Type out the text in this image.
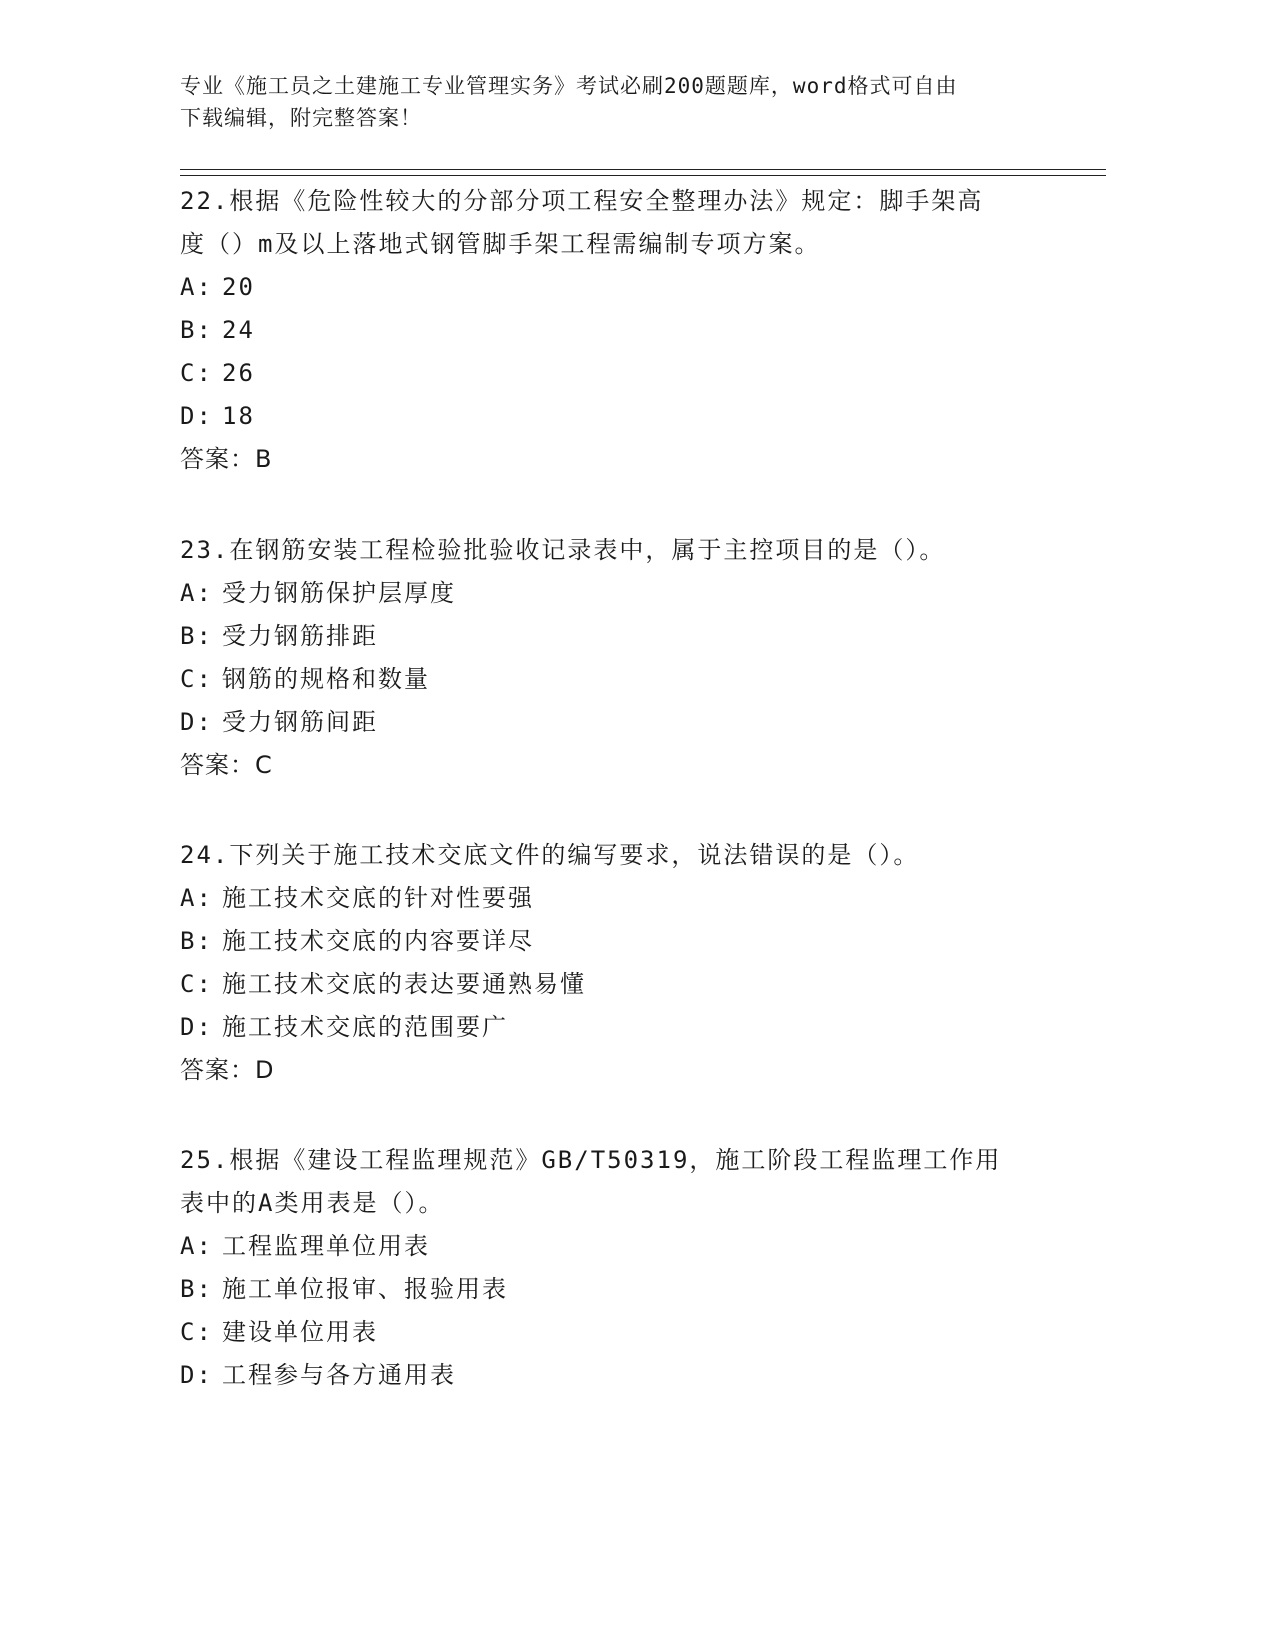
专业《施工员之土建施工专业管理实务》考试必刷200题题库，word格式可自由
下载编辑，附完整答案！

22.根据《危险性较大的分部分项工程安全整理办法》规定：脚手架高

度（）m及以上落地式钢管脚手架工程需编制专项方案。

A: 20

B: 24

C: 26

D: 18

答案：B

23.在钢筋安装工程检验批验收记录表中，属于主控项目的是（）。

A: 受力钢筋保护层厚度

B: 受力钢筋排距

C: 钢筋的规格和数量

D: 受力钢筋间距

答案：C

24.下列关于施工技术交底文件的编写要求，说法错误的是（）。

A: 施工技术交底的针对性要强

B: 施工技术交底的内容要详尽

C: 施工技术交底的表达要通熟易懂

D: 施工技术交底的范围要广

答案：D

25.根据《建设工程监理规范》GB/T50319，施工阶段工程监理工作用

表中的A类用表是（）。

A: 工程监理单位用表

B: 施工单位报审、报验用表

C: 建设单位用表

D: 工程参与各方通用表
